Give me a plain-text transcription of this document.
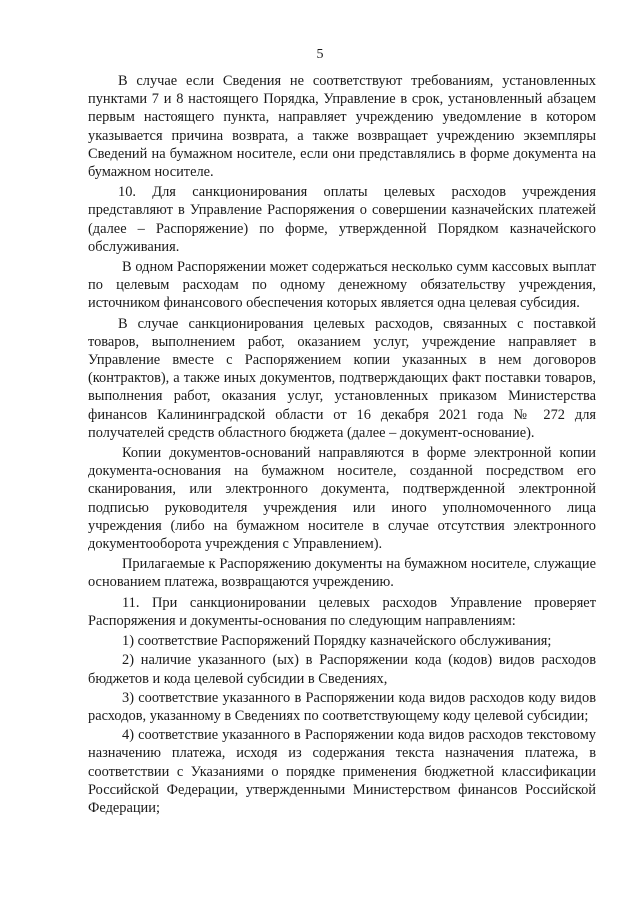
5

В случае если Сведения не соответствуют требованиям, установленных пунктами 7 и 8 настоящего Порядка, Управление в срок, установленный абзацем первым настоящего пункта, направляет учреждению уведомление в котором указывается причина возврата, а также возвращает учреждению экземпляры Сведений на бумажном носителе, если они представлялись в форме документа на бумажном носителе.

10. Для санкционирования оплаты целевых расходов учреждения представляют в Управление Распоряжения о совершении казначейских платежей (далее – Распоряжение) по форме, утвержденной Порядком казначейского обслуживания.

В одном Распоряжении может содержаться несколько сумм кассовых выплат по целевым расходам по одному денежному обязательству учреждения, источником финансового обеспечения которых является одна целевая субсидия.

В случае санкционирования целевых расходов, связанных с поставкой товаров, выполнением работ, оказанием услуг, учреждение направляет в Управление вместе с Распоряжением копии указанных в нем договоров (контрактов), а также иных документов, подтверждающих факт поставки товаров, выполнения работ, оказания услуг, установленных приказом Министерства финансов Калининградской области от 16 декабря 2021 года № 272 для получателей средств областного бюджета (далее – документ-основание).

Копии документов-оснований направляются в форме электронной копии документа-основания на бумажном носителе, созданной посредством его сканирования, или электронного документа, подтвержденной электронной подписью руководителя учреждения или иного уполномоченного лица учреждения (либо на бумажном носителе в случае отсутствия электронного документооборота учреждения с Управлением).

Прилагаемые к Распоряжению документы на бумажном носителе, служащие основанием платежа, возвращаются учреждению.

11. При санкционировании целевых расходов Управление проверяет Распоряжения и документы-основания по следующим направлениям:

1) соответствие Распоряжений Порядку казначейского обслуживания;

2) наличие указанного (ых) в Распоряжении кода (кодов) видов расходов бюджетов и кода целевой субсидии в Сведениях,

3) соответствие указанного в Распоряжении кода видов расходов коду видов расходов, указанному в Сведениях по соответствующему коду целевой субсидии;

4) соответствие указанного в Распоряжении кода видов расходов текстовому назначению платежа, исходя из содержания текста назначения платежа, в соответствии с Указаниями о порядке применения бюджетной классификации Российской Федерации, утвержденными Министерством финансов Российской Федерации;
